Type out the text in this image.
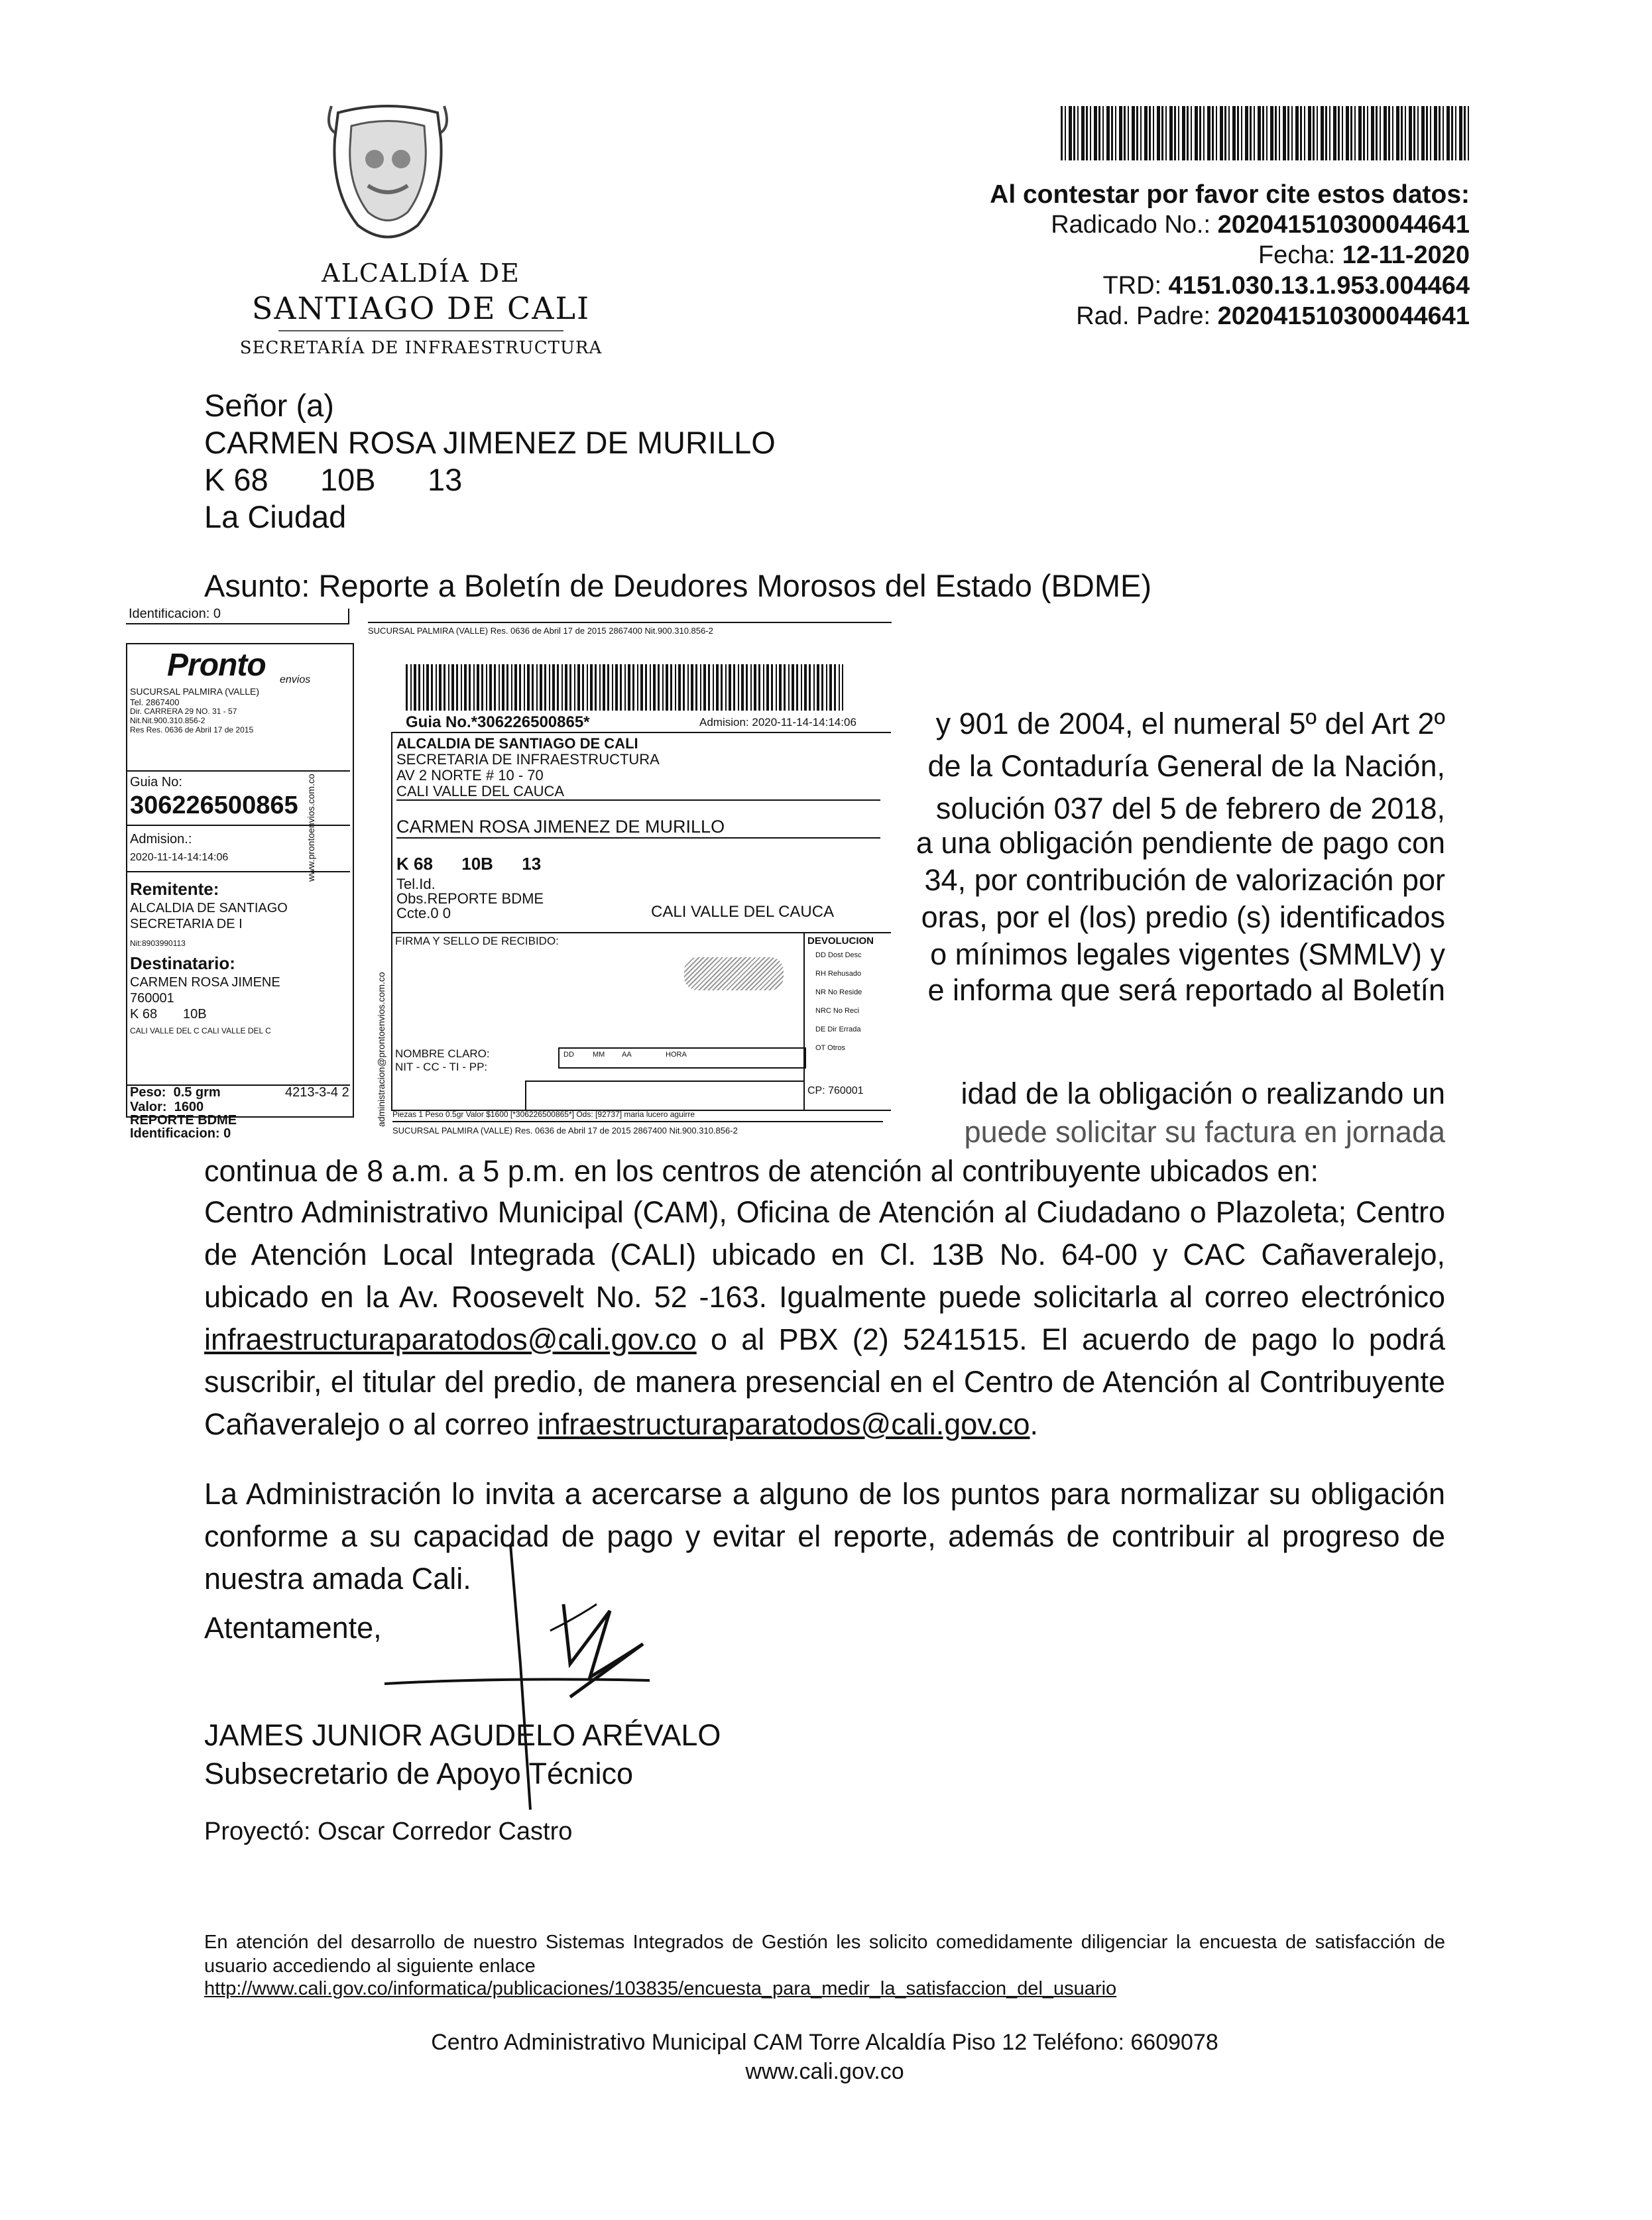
ALCALDÍA DE
SANTIAGO DE CALI
SECRETARÍA DE INFRAESTRUCTURA
Al contestar por favor cite estos datos:
Radicado No.: 202041510300044641
Fecha: 12-11-2020
TRD: 4151.030.13.1.953.004464
Rad. Padre: 202041510300044641
Señor (a)
CARMEN ROSA JIMENEZ DE MURILLO
K 68      10B      13
La Ciudad
Asunto: Reporte a Boletín de Deudores Morosos del Estado (BDME)
y 901 de 2004, el numeral 5º del Art 2º
de la Contaduría General de la Nación,
solución 037 del 5 de febrero de 2018,
a una obligación pendiente de pago con
34, por contribución de valorización por
oras, por el (los) predio (s) identificados
o mínimos legales vigentes (SMMLV) y
e informa que será reportado al Boletín
idad de la obligación o realizando un
puede solicitar su factura en jornada
continua de 8 a.m. a 5 p.m. en los centros de atención al contribuyente ubicados en:
Centro Administrativo Municipal (CAM), Oficina de Atención al Ciudadano o Plazoleta; Centro de Atención Local Integrada (CALI) ubicado en Cl. 13B No. 64-00 y CAC Cañaveralejo, ubicado en la Av. Roosevelt No. 52 -163. Igualmente puede solicitarla al correo electrónico infraestructuraparatodos@cali.gov.co o al PBX (2) 5241515. El acuerdo de pago lo podrá suscribir, el titular del predio, de manera presencial en el Centro de Atención al Contribuyente Cañaveralejo o al correo infraestructuraparatodos@cali.gov.co.
La Administración lo invita a acercarse a alguno de los puntos para normalizar su obligación conforme a su capacidad de pago y evitar el reporte, además de contribuir al progreso de nuestra amada Cali.
Atentamente,
JAMES JUNIOR AGUDELO ARÉVALO
Subsecretario de Apoyo Técnico
Proyectó: Oscar Corredor Castro
En atención del desarrollo de nuestro Sistemas Integrados de Gestión les solicito comedidamente diligenciar la encuesta de satisfacción de usuario accediendo al siguiente enlace
http://www.cali.gov.co/informatica/publicaciones/103835/encuesta_para_medir_la_satisfaccion_del_usuario
Centro Administrativo Municipal CAM Torre Alcaldía Piso 12 Teléfono: 6609078
www.cali.gov.co
Identificacion: 0
SUCURSAL PALMIRA (VALLE) Res. 0636 de Abril 17 de 2015 2867400 Nit.900.310.856-2
Pronto envios
SUCURSAL PALMIRA (VALLE)
Tel. 2867400
Dir. CARRERA 29 NO. 31 - 57
Nit.Nit.900.310.856-2
Res Res. 0636 de Abril 17 de 2015
Guia No:
306226500865
Admision.:
2020-11-14-14:14:06
Remitente:
ALCALDIA DE SANTIAGO
SECRETARIA DE I
Nit:8903990113
Destinatario:
CARMEN ROSA JIMENE
760001
K 68       10B
CALI VALLE DEL C CALI VALLE DEL C
Peso:  0.5 grm	4213-3-4 2
Valor:  1600
REPORTE BDME
Identificacion: 0
www.prontoenvios.com.co
administracion@prontoenvios.com.co
Guia No.*306226500865*	Admision: 2020-11-14-14:14:06
ALCALDIA DE SANTIAGO DE CALI
SECRETARIA DE INFRAESTRUCTURA
AV 2 NORTE # 10 - 70
CALI VALLE DEL CAUCA
CARMEN ROSA JIMENEZ DE MURILLO
K 68      10B      13
Tel.Id.
Obs.REPORTE BDME
Ccte.0 0	CALI VALLE DEL CAUCA
FIRMA Y SELLO DE RECIBIDO:
NOMBRE CLARO:
NIT - CC - TI - PP:
DD	MM AA	HORA
DEVOLUCION
DD Dost Desc
RH Rehusado
NR No Reside
NRC No Reci
DE Dir Errada
OT Otros
CP: 760001
Piezas 1 Peso 0.5gr Valor $1600 [*306226500865*] Ods: [92737] maria lucero aguirre
SUCURSAL PALMIRA (VALLE) Res. 0636 de Abril 17 de 2015 2867400 Nit.900.310.856-2
